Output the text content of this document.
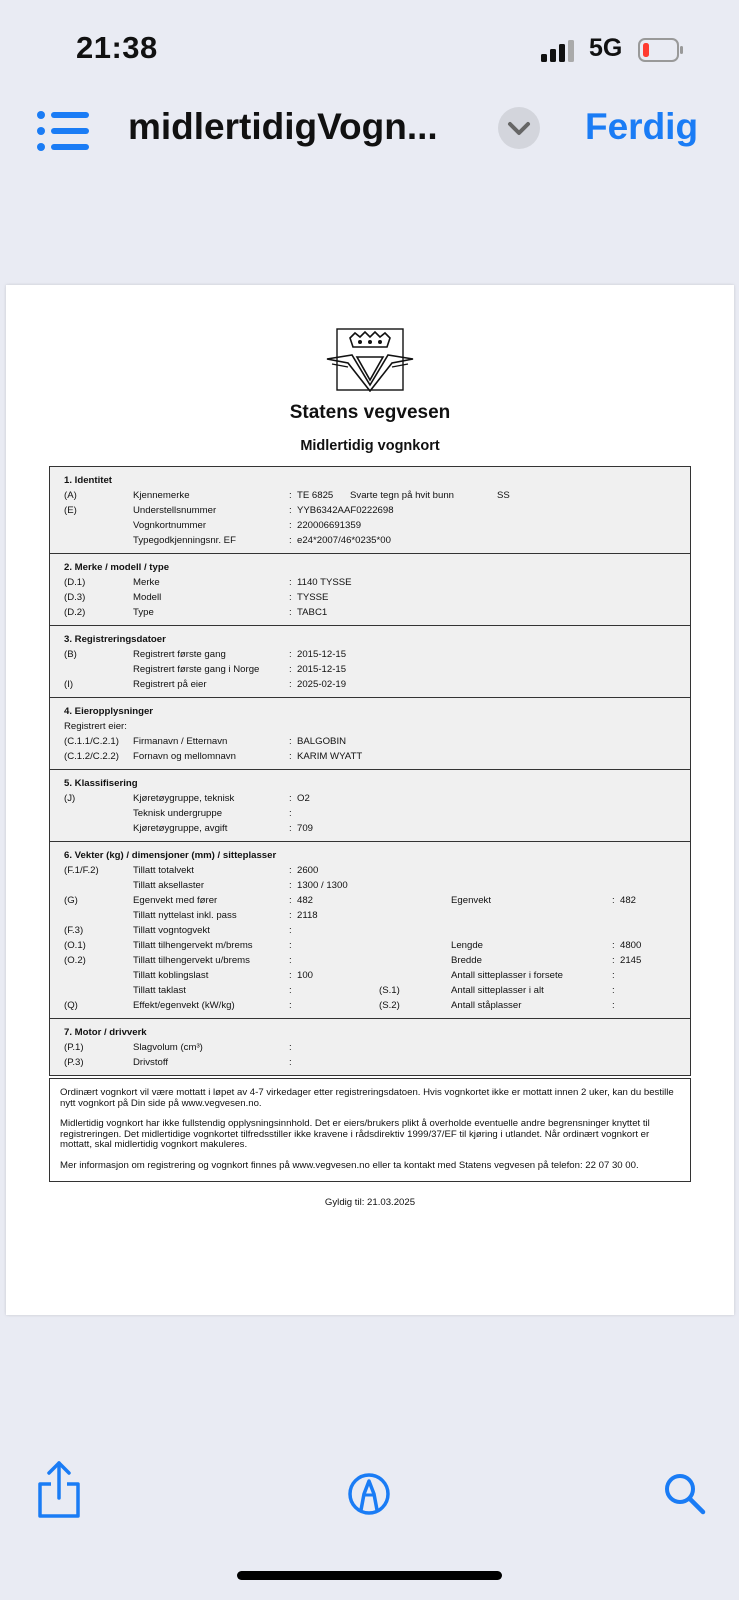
21:38	5G
midlertidigVogn...	Ferdig
Statens vegvesen
Midlertidig vognkort
1. Identitet
(A)	Kjennemerke	: TE 6825 Svarte tegn på hvit bunn	SS
(E)	Understellsnummer	: YYB6342AAF0222698
Vognkortnummer	: 220006691359
Typegodkjenningsnr. EF	: e24*2007/46*0235*00
2. Merke / modell / type
(D.1)	Merke	: 1140 TYSSE
(D.3)	Modell	: TYSSE
(D.2)	Type	: TABC1
3. Registreringsdatoer
(B)	Registrert første gang	: 2015-12-15
Registrert første gang i Norge	: 2015-12-15
(I)	Registrert på eier	: 2025-02-19
4. Eieropplysninger
Registrert eier:
(C.1.1/C.2.1) Firmanavn / Etternavn	: BALGOBIN
(C.1.2/C.2.2) Fornavn og mellomnavn	: KARIM WYATT
5. Klassifisering
(J)	Kjøretøygruppe, teknisk	: O2
Teknisk undergruppe	:
Kjøretøygruppe, avgift	: 709
6. Vekter (kg) / dimensjoner (mm) / sitteplasser
(F.1/F.2)	Tillatt totalvekt	: 2600
Tillatt aksellaster	: 1300 / 1300
(G)	Egenvekt med fører	: 482	Egenvekt	: 482
Tillatt nyttelast inkl. pass	: 2118
(F.3)	Tillatt vogntogvekt	:
(O.1)	Tillatt tilhengervekt m/brems	:	Lengde	: 4800
(O.2)	Tillatt tilhengervekt u/brems	:	Bredde	: 2145
Tillatt koblingslast	: 100	Antall sitteplasser i forsete	:
Tillatt taklast	:	(S.1)	Antall sitteplasser i alt	:
(Q)	Effekt/egenvekt (kW/kg)	:	(S.2)	Antall ståplasser	:
7. Motor / drivverk
(P.1)	Slagvolum (cm³)	:
(P.3)	Drivstoff	:

Ordinært vognkort vil være mottatt i løpet av 4-7 virkedager etter registreringsdatoen. Hvis vognkortet ikke er mottatt innen 2 uker, kan du bestille nytt vognkort på Din side på www.vegvesen.no.

Midlertidig vognkort har ikke fullstendig opplysningsinnhold. Det er eiers/brukers plikt å overholde eventuelle andre begrensninger knyttet til registreringen. Det midlertidige vognkortet tilfredsstiller ikke kravene i rådsdirektiv 1999/37/EF til kjøring i utlandet. Når ordinært vognkort er mottatt, skal midlertidig vognkort makuleres.

Mer informasjon om registrering og vognkort finnes på www.vegvesen.no eller ta kontakt med Statens vegvesen på telefon: 22 07 30 00.

Gyldig til: 21.03.2025
